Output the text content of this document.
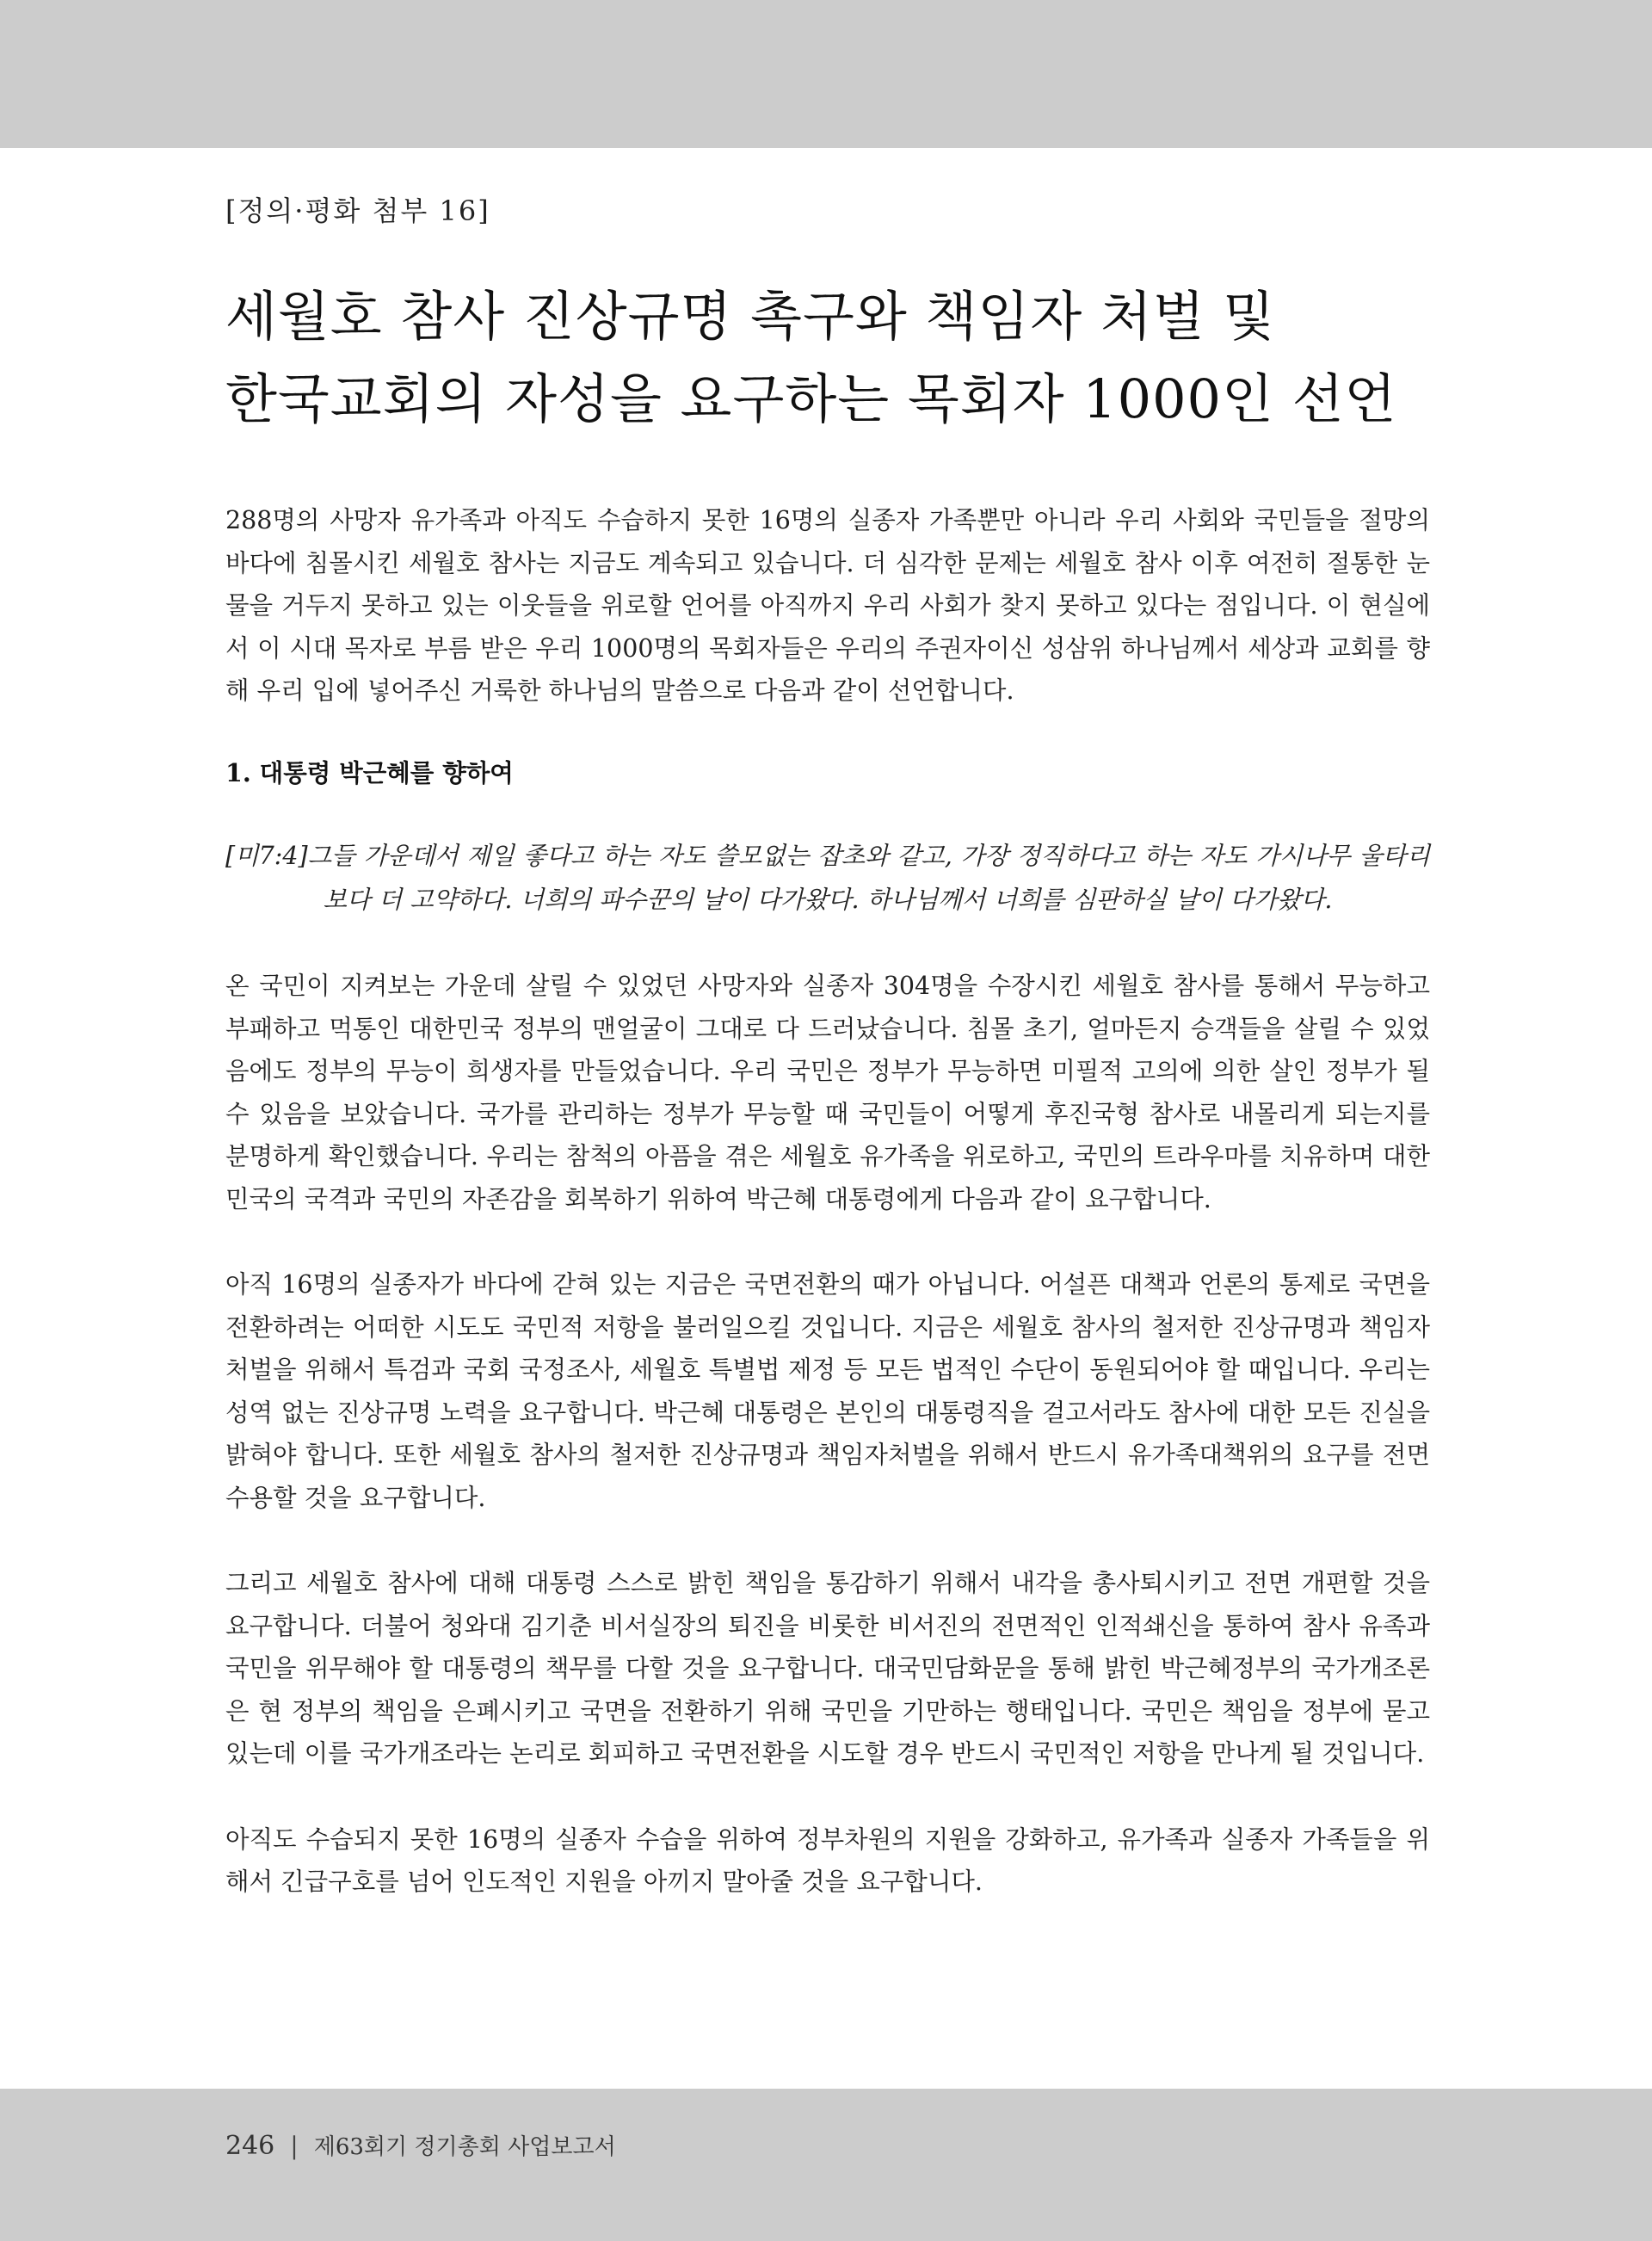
[정의·평화 첨부 16]
세월호 참사 진상규명 촉구와 책임자 처벌 및
한국교회의 자성을 요구하는 목회자 1000인 선언

288명의 사망자 유가족과 아직도 수습하지 못한 16명의 실종자 가족뿐만 아니라 우리 사회와 국민들을 절망의 바다에 침몰시킨 세월호 참사는 지금도 계속되고 있습니다. 더 심각한 문제는 세월호 참사 이후 여전히 절통한 눈물을 거두지 못하고 있는 이웃들을 위로할 언어를 아직까지 우리 사회가 찾지 못하고 있다는 점입니다. 이 현실에서 이 시대 목자로 부름 받은 우리 1000명의 목회자들은 우리의 주권자이신 성삼위 하나님께서 세상과 교회를 향해 우리 입에 넣어주신 거룩한 하나님의 말씀으로 다음과 같이 선언합니다.

1. 대통령 박근혜를 향하여

[미7:4]그들 가운데서 제일 좋다고 하는 자도 쓸모없는 잡초와 같고, 가장 정직하다고 하는 자도 가시나무 울타리보다 더 고약하다. 너희의 파수꾼의 날이 다가왔다. 하나님께서 너희를 심판하실 날이 다가왔다.

온 국민이 지켜보는 가운데 살릴 수 있었던 사망자와 실종자 304명을 수장시킨 세월호 참사를 통해서 무능하고 부패하고 먹통인 대한민국 정부의 맨얼굴이 그대로 다 드러났습니다. 침몰 초기, 얼마든지 승객들을 살릴 수 있었음에도 정부의 무능이 희생자를 만들었습니다. 우리 국민은 정부가 무능하면 미필적 고의에 의한 살인 정부가 될 수 있음을 보았습니다. 국가를 관리하는 정부가 무능할 때 국민들이 어떻게 후진국형 참사로 내몰리게 되는지를 분명하게 확인했습니다. 우리는 참척의 아픔을 겪은 세월호 유가족을 위로하고, 국민의 트라우마를 치유하며 대한민국의 국격과 국민의 자존감을 회복하기 위하여 박근혜 대통령에게 다음과 같이 요구합니다.

아직 16명의 실종자가 바다에 갇혀 있는 지금은 국면전환의 때가 아닙니다. 어설픈 대책과 언론의 통제로 국면을 전환하려는 어떠한 시도도 국민적 저항을 불러일으킬 것입니다. 지금은 세월호 참사의 철저한 진상규명과 책임자 처벌을 위해서 특검과 국회 국정조사, 세월호 특별법 제정 등 모든 법적인 수단이 동원되어야 할 때입니다. 우리는 성역 없는 진상규명 노력을 요구합니다. 박근혜 대통령은 본인의 대통령직을 걸고서라도 참사에 대한 모든 진실을 밝혀야 합니다. 또한 세월호 참사의 철저한 진상규명과 책임자처벌을 위해서 반드시 유가족대책위의 요구를 전면 수용할 것을 요구합니다.

그리고 세월호 참사에 대해 대통령 스스로 밝힌 책임을 통감하기 위해서 내각을 총사퇴시키고 전면 개편할 것을 요구합니다. 더불어 청와대 김기춘 비서실장의 퇴진을 비롯한 비서진의 전면적인 인적쇄신을 통하여 참사 유족과 국민을 위무해야 할 대통령의 책무를 다할 것을 요구합니다. 대국민담화문을 통해 밝힌 박근혜정부의 국가개조론은 현 정부의 책임을 은폐시키고 국면을 전환하기 위해 국민을 기만하는 행태입니다. 국민은 책임을 정부에 묻고 있는데 이를 국가개조라는 논리로 회피하고 국면전환을 시도할 경우 반드시 국민적인 저항을 만나게 될 것입니다.

아직도 수습되지 못한 16명의 실종자 수습을 위하여 정부차원의 지원을 강화하고, 유가족과 실종자 가족들을 위해서 긴급구호를 넘어 인도적인 지원을 아끼지 말아줄 것을 요구합니다.

246 | 제63회기 정기총회 사업보고서
